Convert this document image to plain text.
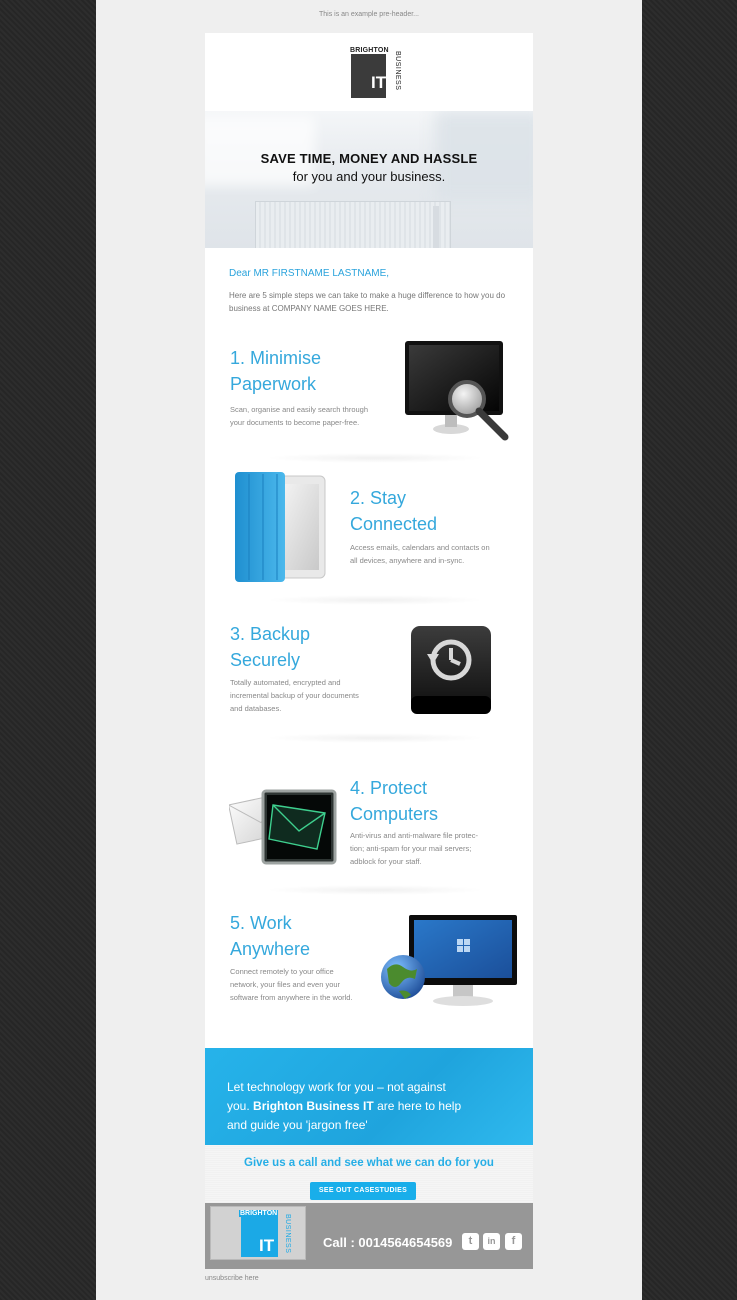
This is an example pre-header...
IT
BRIGHTON
BUSINESS
SAVE TIME, MONEY AND HASSLE
for you and your business.
Dear MR FIRSTNAME LASTNAME,
Here are 5 simple steps we can take to make a huge difference to how you do business at COMPANY NAME GOES HERE.
1. Minimise
Paperwork
Scan, organise and easily search through
your documents to become paper-free.
2. Stay
Connected
Access emails, calendars and contacts on
all devices, anywhere and in-sync.
3. Backup
Securely
Totally automated, encrypted and
incremental backup of your documents
and databases.
4. Protect
Computers
Anti-virus and anti-malware file protec-
tion; anti-spam for your mail servers;
adblock for your staff.
5. Work
Anywhere
Connect remotely to your office
network, your files and even your
software from anywhere in the world.
Let technology work for you – not against
you. Brighton Business IT are here to help
and guide you 'jargon free'
Give us a call and see what we can do for you
SEE OUT CASESTUDIES
BRIGHTON
IT	BUSINESS Call : 0014564654569	t	in	f
unsubscribe here
